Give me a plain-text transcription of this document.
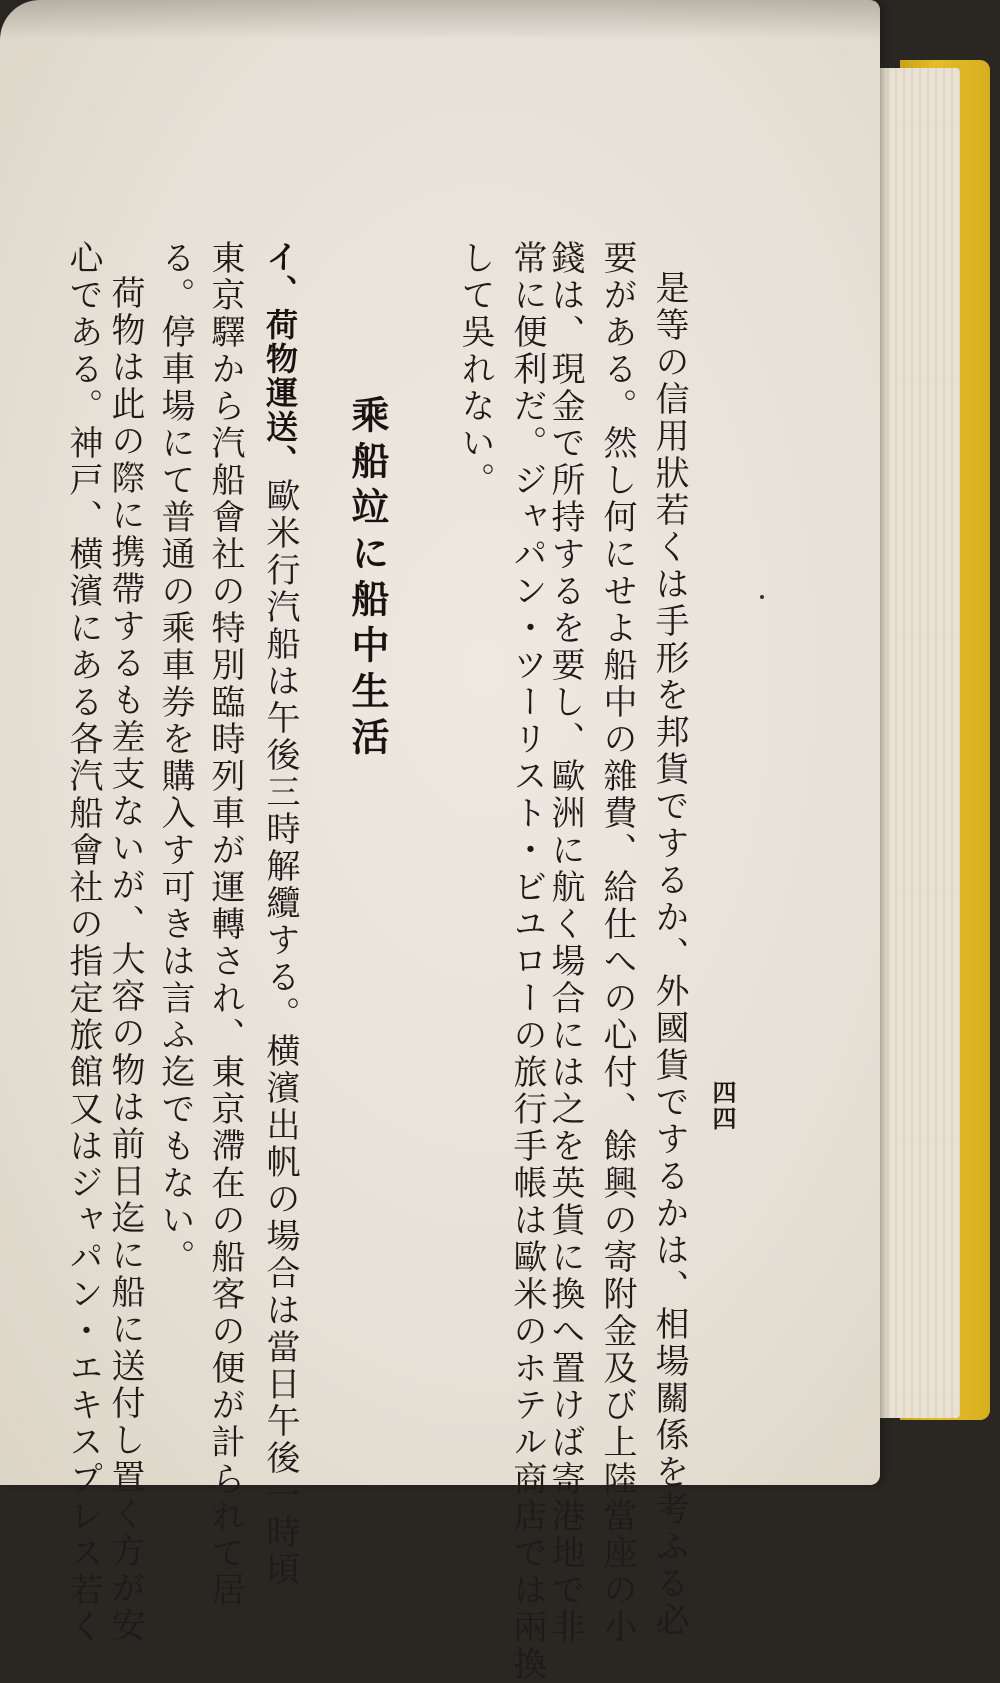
四四

是等の信用狀若くは手形を邦貨でするか、外國貨でするかは、相場關係を考ふる必

要がある。然し何にせよ船中の雜費、給仕への心付、餘興の寄附金及び上陸當座の小

錢は、現金で所持するを要し、歐洲に航く場合には之を英貨に換へ置けば寄港地で非

常に便利だ。ジャパン・ツーリスト・ビユローの旅行手帳は歐米のホテル商店では兩換

して吳れない。

乘船竝に船中生活
イ、荷物運送、歐米行汽船は午後三時解纜する。横濱出帆の場合は當日午後一時頃

東京驛から汽船會社の特別臨時列車が運轉され、東京滯在の船客の便が計られて居

る。停車場にて普通の乘車券を購入す可きは言ふ迄でもない。

荷物は此の際に携帶するも差支ないが、大容の物は前日迄に船に送付し置く方が安

心である。神戸、横濱にある各汽船會社の指定旅館又はジャパン・エキスプレス若く
